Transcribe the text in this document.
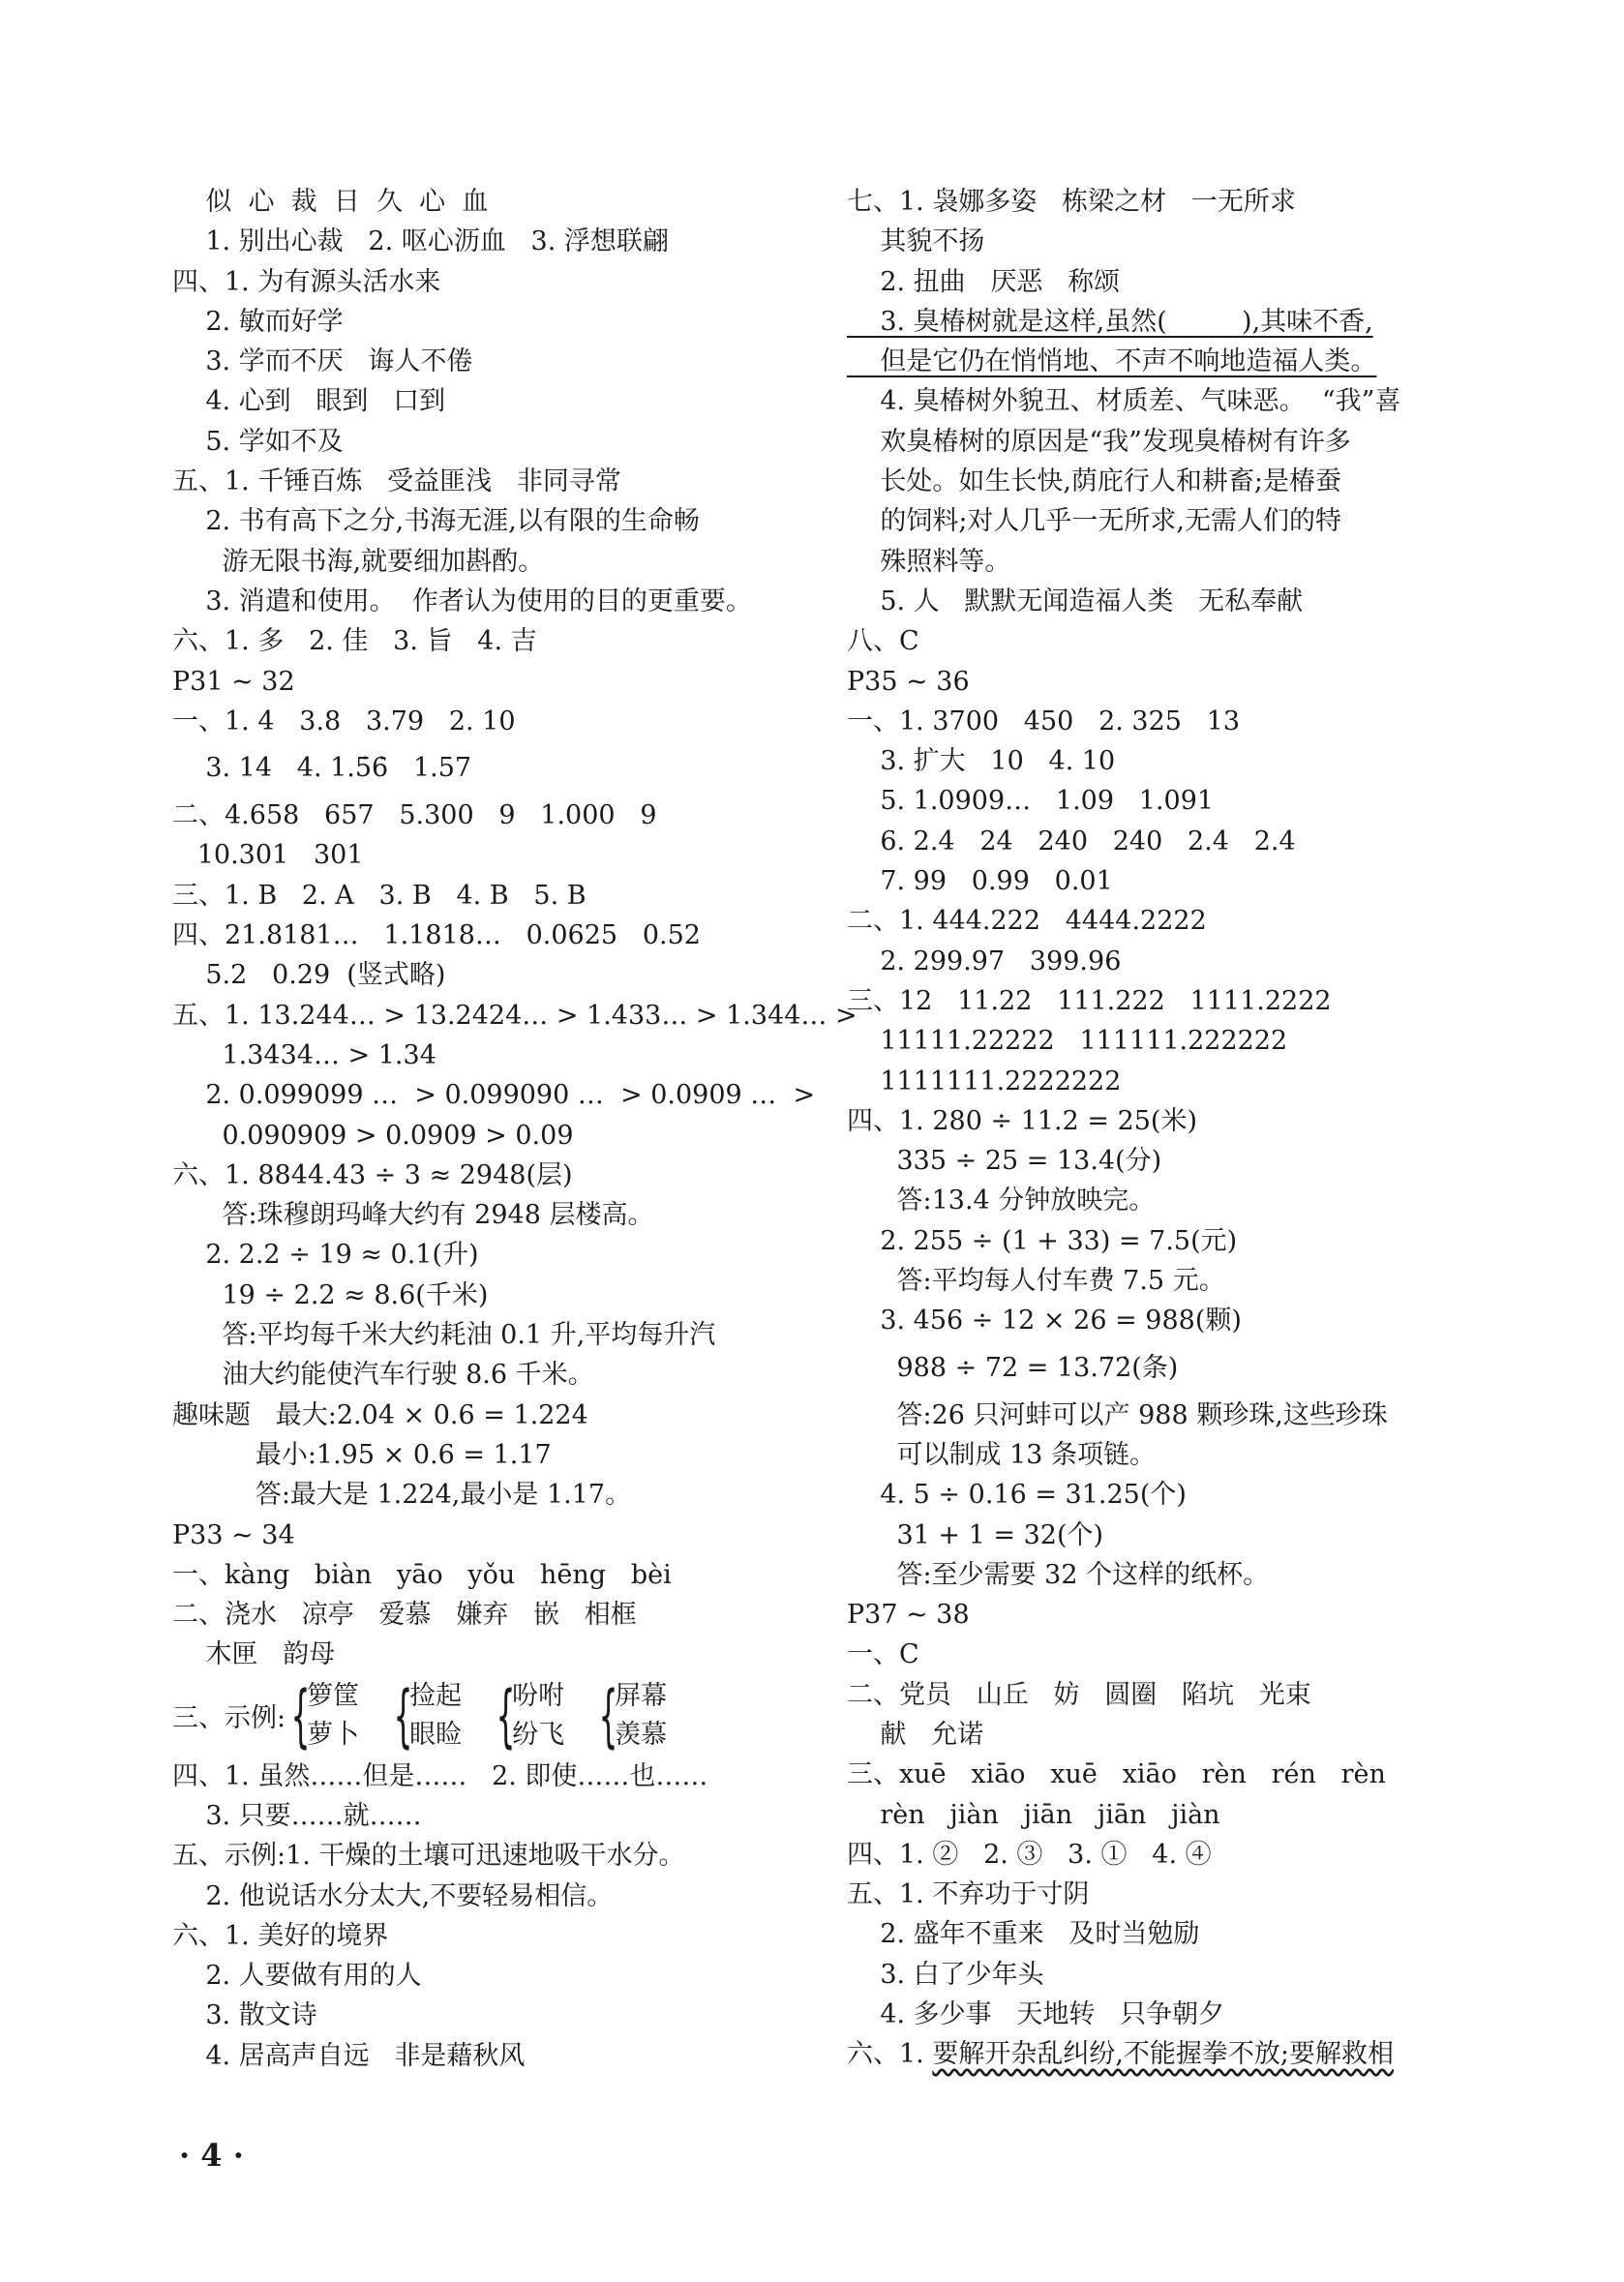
似  心  裁  日  久  心  血
1. 别出心裁   2. 呕心沥血   3. 浮想联翩
四、1. 为有源头活水来
2. 敏而好学
3. 学而不厌   诲人不倦
4. 心到   眼到   口到
5. 学如不及
五、1. 千锤百炼   受益匪浅   非同寻常
2. 书有高下之分,书海无涯,以有限的生命畅
游无限书海,就要细加斟酌。
3. 消遣和使用。  作者认为使用的目的更重要。
六、1. 多   2. 佳   3. 旨   4. 吉
P31 ~ 32
一、1. 4   3.8   3.79   2. 10
3. 14   4. 1.5̇6̇   1.57
二、4.658   657   5.300   9   1.000   9
10.301   301
三、1. B   2. A   3. B   4. B   5. B
四、21.8181…   1.1818…   0.0625   0.52
5.2   0.29  (竖式略)
五、1. 13.244… > 13.2424… > 1.433… > 1.344… >
1.3434… > 1.34
2. 0.099099 …  > 0.099090 …  > 0.0909 …  >
0.090909 > 0.0909 > 0.09
六、1. 8844.43 ÷ 3 ≈ 2948(层)
答:珠穆朗玛峰大约有 2948 层楼高。
2. 2.2 ÷ 19 ≈ 0.1(升)
19 ÷ 2.2 ≈ 8.6(千米)
答:平均每千米大约耗油 0.1 升,平均每升汽
油大约能使汽车行驶 8.6 千米。
趣味题   最大:2.04 × 0.6 = 1.224
最小:1.95 × 0.6 = 1.17
答:最大是 1.224,最小是 1.17。
P33 ~ 34
一、kàng   biàn   yāo   yǒu   hēng   bèi
二、浇水   凉亭   爱慕   嫌弃   嵌   相框
木匣   韵母
三、示例: {
箩筐
萝卜 {
捡起
眼睑 {
吩咐
纷飞 {
屏幕
羡慕
四、1. 虽然……但是……   2. 即使……也……
3. 只要……就……
五、示例:1. 干燥的土壤可迅速地吸干水分。
2. 他说话水分太大,不要轻易相信。
六、1. 美好的境界
2. 人要做有用的人
3. 散文诗
4. 居高声自远   非是藉秋风
七、1. 袅娜多姿   栋梁之材   一无所求
其貌不扬
2. 扭曲   厌恶   称颂
3. 臭椿树就是这样,虽然(         ),其味不香,
但是它仍在悄悄地、不声不响地造福人类。
4. 臭椿树外貌丑、材质差、气味恶。  “我”喜
欢臭椿树的原因是“我”发现臭椿树有许多
长处。如生长快,荫庇行人和耕畜;是椿蚕
的饲料;对人几乎一无所求,无需人们的特
殊照料等。
5. 人   默默无闻造福人类   无私奉献
八、C
P35 ~ 36
一、1. 3700   450   2. 325   13
3. 扩大   10   4. 10
5. 1.0909…   1.09   1.091
6. 2.4   24   240   240   2.4   2.4
7. 99   0.99   0.01
二、1. 444.222   4444.2222
2. 299.97   399.96
三、12   11.22   111.222   1111.2222
11111.22222   111111.222222
1111111.2222222
四、1. 280 ÷ 11.2 = 25(米)
335 ÷ 25 = 13.4(分)
答:13.4 分钟放映完。
2. 255 ÷ (1 + 33) = 7.5(元)
答:平均每人付车费 7.5 元。
3. 456 ÷ 12 × 26 = 988(颗)
988 ÷ 72 = 13.7̇2̇(条)
答:26 只河蚌可以产 988 颗珍珠,这些珍珠
可以制成 13 条项链。
4. 5 ÷ 0.16 = 31.25(个)
31 + 1 = 32(个)
答:至少需要 32 个这样的纸杯。
P37 ~ 38
一、C
二、党员   山丘   妨   圆圈   陷坑   光束
献   允诺
三、xuē   xiāo   xuē   xiāo   rèn   rén   rèn
rèn   jiàn   jiān   jiān   jiàn
四、1. ②   2. ③   3. ①   4. ④
五、1. 不弃功于寸阴
2. 盛年不重来   及时当勉励
3. 白了少年头
4. 多少事   天地转   只争朝夕
六、1. 要解开杂乱纠纷,不能握拳不放;要解救相
· 4 ·
